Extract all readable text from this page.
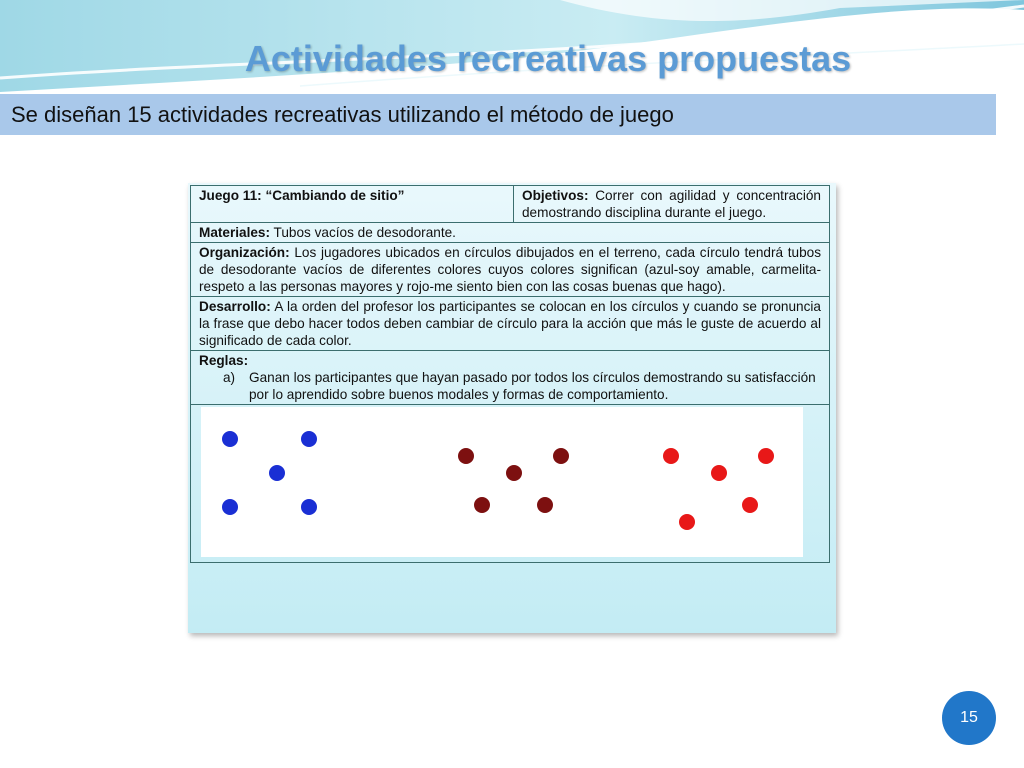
Actividades recreativas propuestas
Se diseñan 15 actividades recreativas utilizando el método de juego
Juego 11: “Cambiando de sitio”	Objetivos: Correr con agilidad y concentración demostrando disciplina durante el juego.
Materiales: Tubos vacíos de desodorante.
Organización: Los jugadores ubicados en círculos dibujados en el terreno, cada círculo tendrá tubos de desodorante vacíos de diferentes colores cuyos colores significan (azul-soy amable, carmelita-respeto a las personas mayores y rojo-me siento bien con las cosas buenas que hago).
Desarrollo: A la orden del profesor los participantes se colocan en los círculos y cuando se pronuncia la frase que debo hacer todos deben cambiar de círculo para la acción que más le guste de acuerdo al significado de cada color.
Reglas:
a)	Ganan los participantes que hayan pasado por todos los círculos demostrando su satisfacción por lo aprendido sobre buenos modales y formas de comportamiento.

15
